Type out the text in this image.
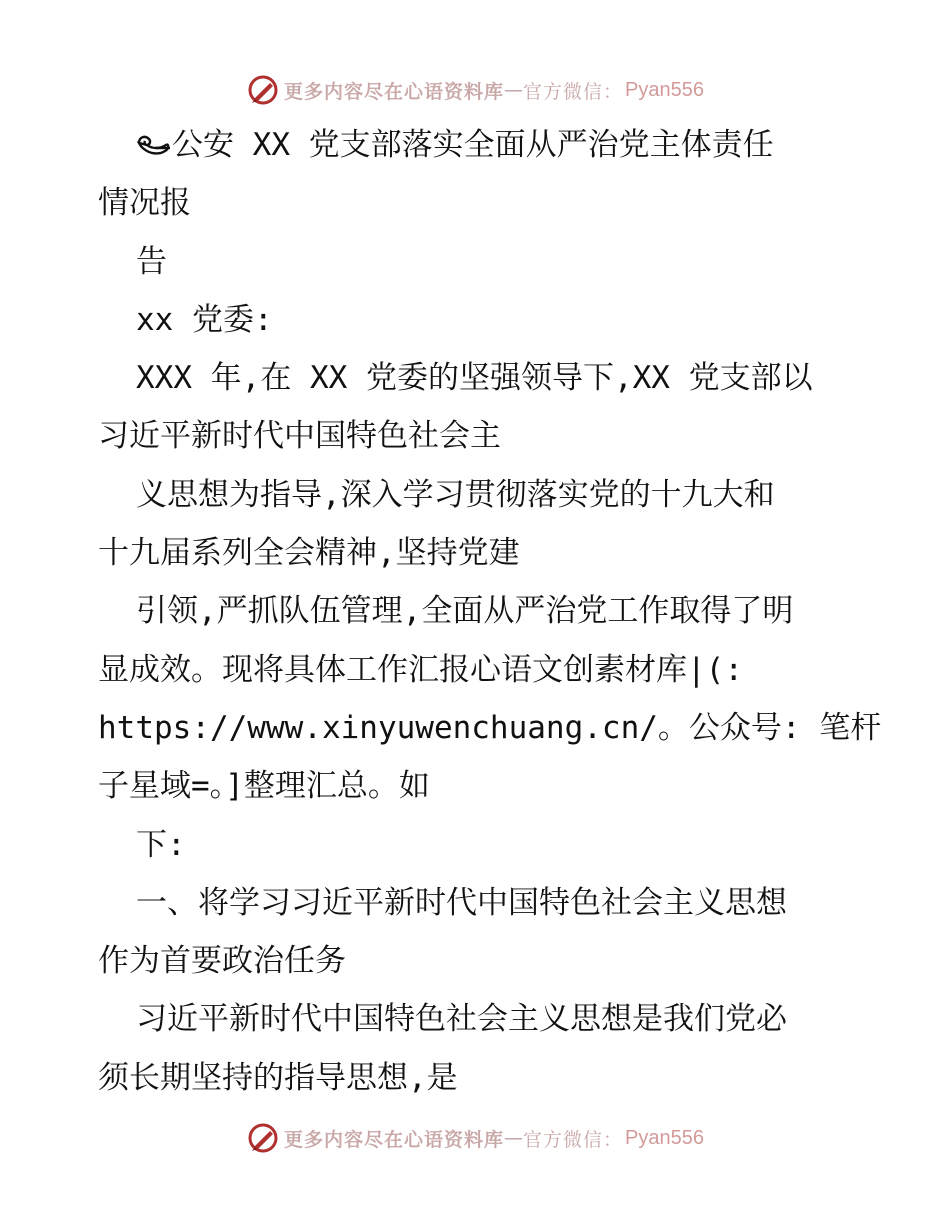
更多内容尽在心语资料库 — 官方微信： Pyan556
公安 XX 党支部落实全面从严治党主体责任
情况报
告
xx 党委:
XXX 年,在 XX 党委的坚强领导下,XX 党支部以
习近平新时代中国特色社会主
义思想为指导,深入学习贯彻落实党的十九大和
十九届系列全会精神,坚持党建
引领,严抓队伍管理,全面从严治党工作取得了明
显成效。现将具体工作汇报心语文创素材库|(:
https://www.xinyuwenchuang.cn/。公众号: 笔杆
子星域=。]整理汇总。如
下:
一、将学习习近平新时代中国特色社会主义思想
作为首要政治任务
习近平新时代中国特色社会主义思想是我们党必
须长期坚持的指导思想,是
更多内容尽在心语资料库 — 官方微信： Pyan556
